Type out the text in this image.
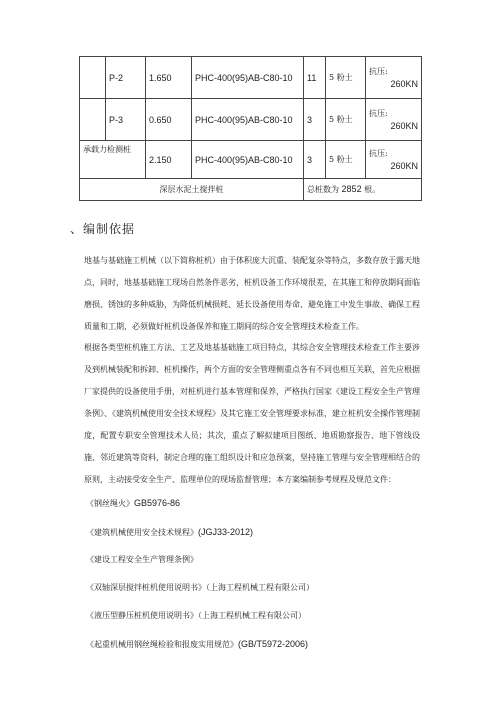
	P-2	1.650	PHC-400(95)AB-C80-10	11	5 粉土	抗压:
260KN

	P-3	0.650	PHC-400(95)AB-C80-10	3	5 粉土	抗压:
260KN

承载力检测桩		2.150	PHC-400(95)AB-C80-10	3	5 粉土	抗压:
260KN

深层水泥土搅拌桩				总桩数为 2852 根。		
、编制依据

地基与基础施工机械（以下简称桩机）由于体积庞大沉重、装配复杂等特点，多数存放于露天地点，同时，地基基础施工现场自然条件恶劣，桩机设备工作环境很差，在其施工和停放期间面临磨损、锈蚀的多种威胁，为降低机械损耗、延长设备使用寿命、避免施工中发生事故、确保工程质量和工期，必须做好桩机设备保养和施工期间的综合安全管理技术检查工作。

根据各类型桩机施工方法、工艺及地基基础施工项目特点，其综合安全管理技术检查工作主要涉及到机械装配和拆卸、桩机操作，两个方面的安全管理侧重点各有不同也相互关联，首先应根据厂家提供的设备使用手册，对桩机进行基本管理和保养，严格执行国家《建设工程安全生产管理条例》、《建筑机械使用安全技术规程》及其它施工安全管理要求标准，建立桩机安全操作管理制度，配置专职安全管理技术人员；其次，重点了解拟建项目图纸、地质勘察报告、地下管线设施、邻近建筑等资料，制定合理的施工组织设计和应急预案，坚持施工管理与安全管理相结合的原则，主动接受安全生产、监理单位的现场监督管理；本方案编制参考规程及规范文件：

《钢丝绳火》GB5976-86

《建筑机械使用安全技术规程》(JGJ33-2012)

《建设工程安全生产管理条例》

《双轴深层搅拌桩机使用说明书》（上海工程机械工程有限公司）

《液压型静压桩机使用说明书》（上海工程机械工程有限公司）

《起重机械用钢丝绳检验和报废实用规范》(GB/T5972-2006)
